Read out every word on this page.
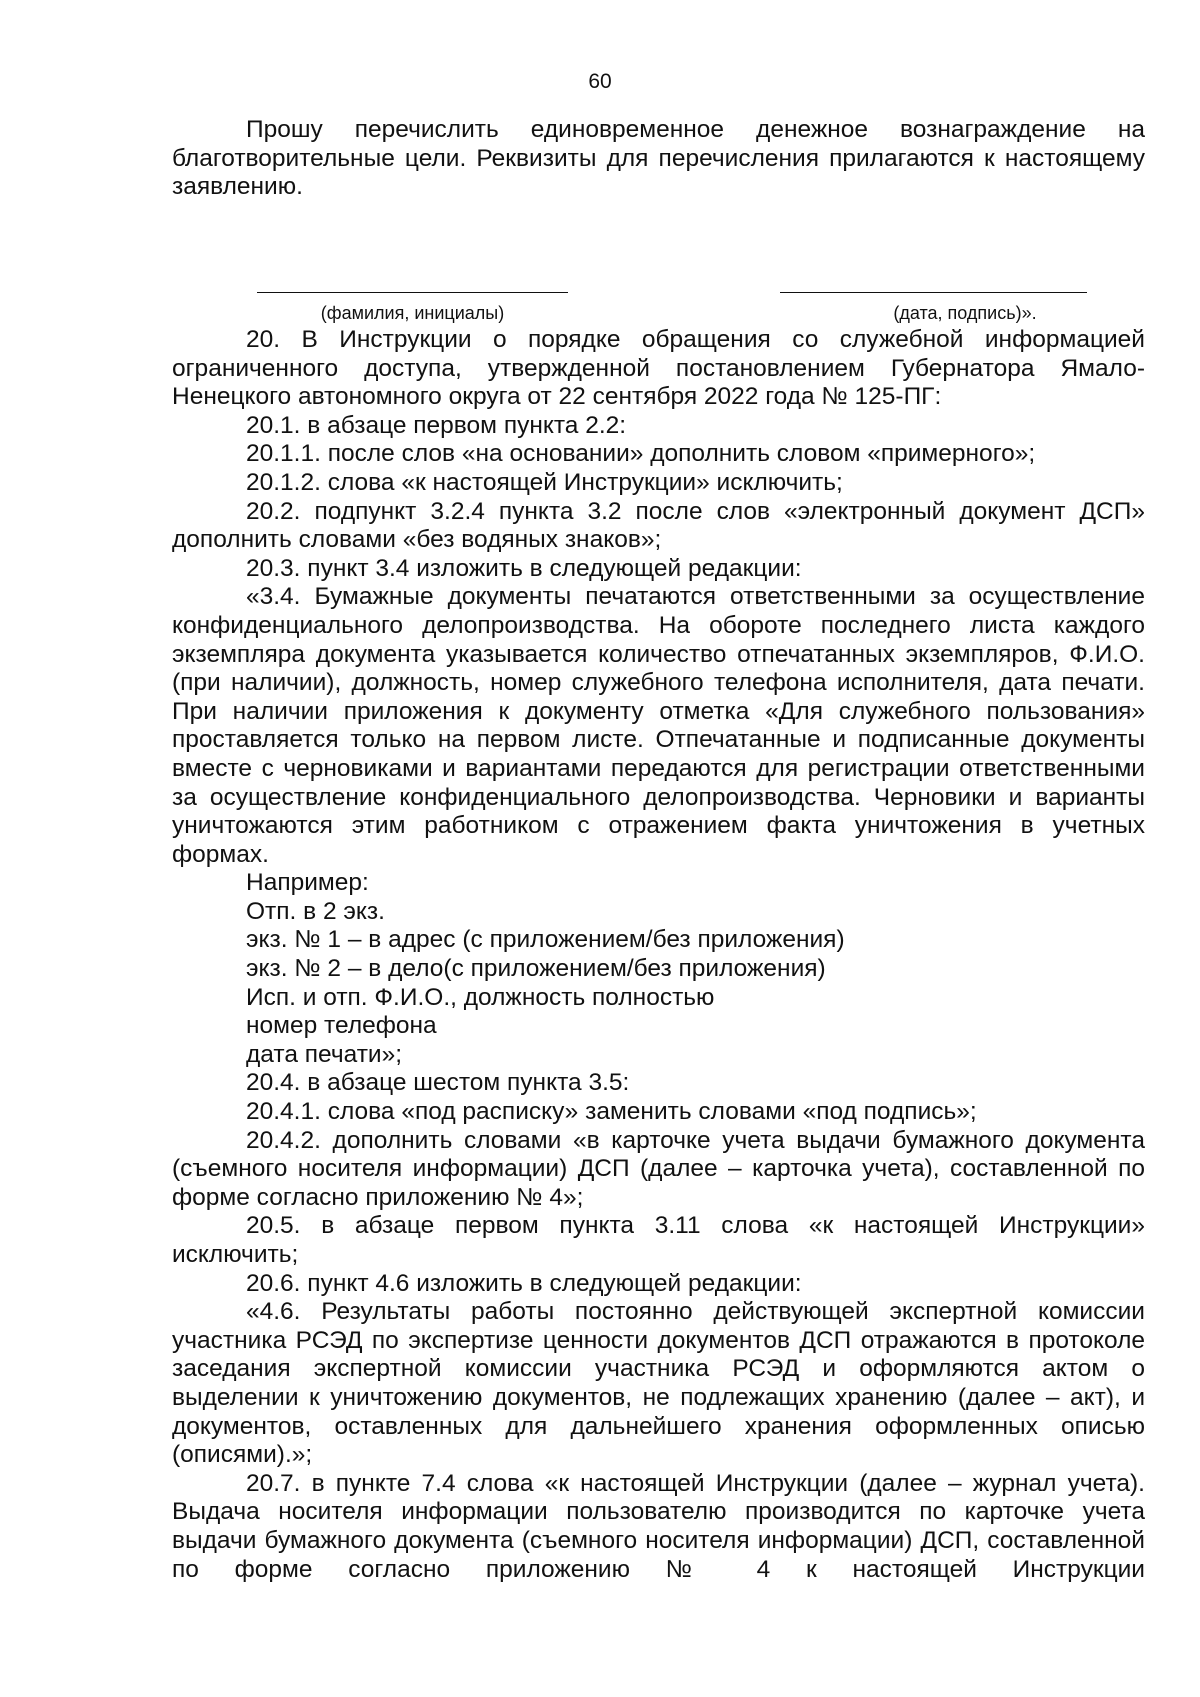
60

Прошу перечислить единовременное денежное вознаграждение на благотворительные цели. Реквизиты для перечисления прилагаются к настоящему заявлению.

(фамилия, инициалы)	(дата, подпись)».

20. В Инструкции о порядке обращения со служебной информацией ограниченного доступа, утвержденной постановлением Губернатора Ямало-Ненецкого автономного округа от 22 сентября 2022 года № 125-ПГ:

20.1. в абзаце первом пункта 2.2:

20.1.1. после слов «на основании» дополнить словом «примерного»;

20.1.2. слова «к настоящей Инструкции» исключить;

20.2. подпункт 3.2.4 пункта 3.2 после слов «электронный документ ДСП» дополнить словами «без водяных знаков»;

20.3. пункт 3.4 изложить в следующей редакции:

«3.4. Бумажные документы печатаются ответственными за осуществление конфиденциального делопроизводства. На обороте последнего листа каждого экземпляра документа указывается количество отпечатанных экземпляров, Ф.И.О. (при наличии), должность, номер служебного телефона исполнителя, дата печати. При наличии приложения к документу отметка «Для служебного пользования» проставляется только на первом листе. Отпечатанные и подписанные документы вместе с черновиками и вариантами передаются для регистрации ответственными за осуществление конфиденциального делопроизводства. Черновики и варианты уничтожаются этим работником с отражением факта уничтожения в учетных формах.

Например:

Отп. в 2 экз.

экз. № 1 – в адрес (с приложением/без приложения)

экз. № 2 – в дело(с приложением/без приложения)

Исп. и отп. Ф.И.О., должность полностью

номер телефона

дата печати»;

20.4. в абзаце шестом пункта 3.5:

20.4.1. слова «под расписку» заменить словами «под подпись»;

20.4.2. дополнить словами «в карточке учета выдачи бумажного документа (съемного носителя информации) ДСП (далее – карточка учета), составленной по форме согласно приложению № 4»;

20.5. в абзаце первом пункта 3.11 слова «к настоящей Инструкции» исключить;

20.6. пункт 4.6 изложить в следующей редакции:

«4.6. Результаты работы постоянно действующей экспертной комиссии участника РСЭД по экспертизе ценности документов ДСП отражаются в протоколе заседания экспертной комиссии участника РСЭД и оформляются актом о выделении к уничтожению документов, не подлежащих хранению (далее – акт), и документов, оставленных для дальнейшего хранения оформленных описью (описями).»;

20.7. в пункте 7.4 слова «к настоящей Инструкции (далее – журнал учета). Выдача носителя информации пользователю производится по карточке учета выдачи бумажного документа (съемного носителя информации) ДСП, составленной по форме согласно приложению № 4 к настоящей Инструкции
